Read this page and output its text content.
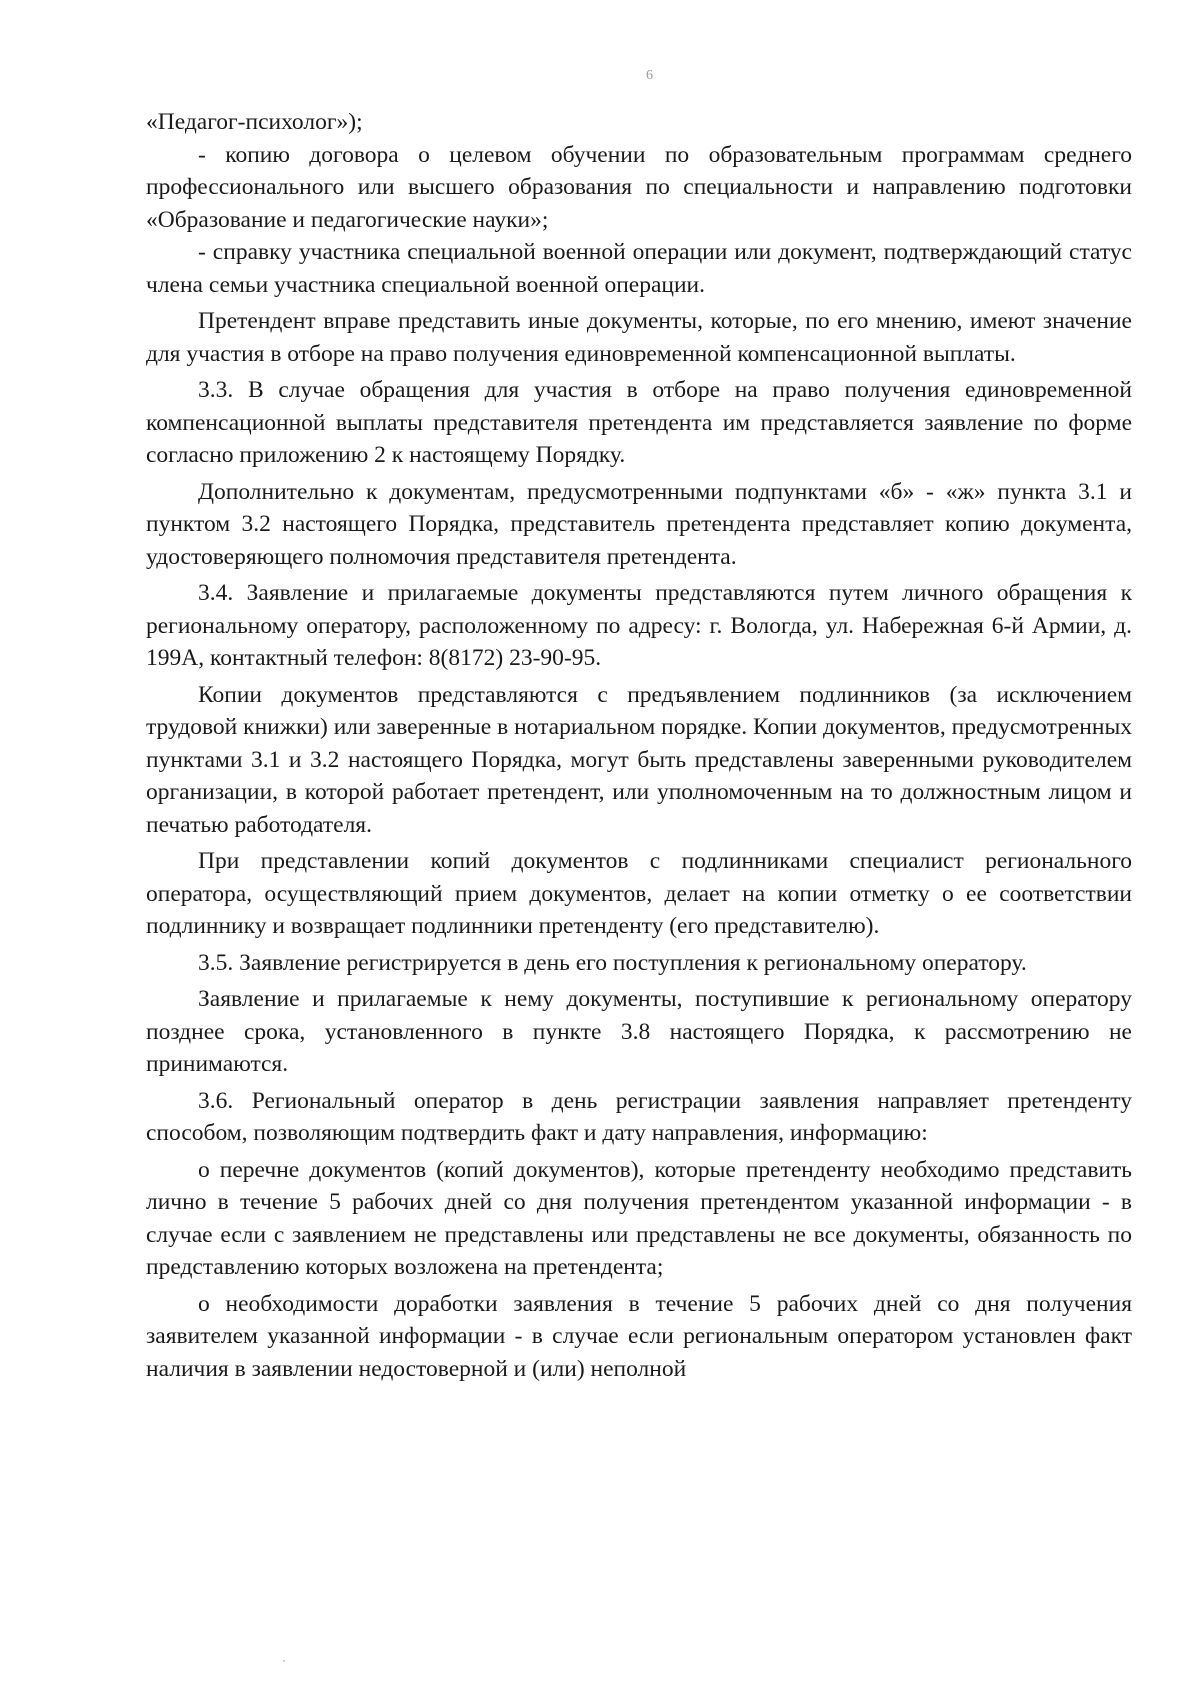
6

«Педагог-психолог»);

- копию договора о целевом обучении по образовательным программам среднего профессионального или высшего образования по специальности и направлению подготовки «Образование и педагогические науки»;

- справку участника специальной военной операции или документ, подтверждающий статус члена семьи участника специальной военной операции.

Претендент вправе представить иные документы, которые, по его мнению, имеют значение для участия в отборе на право получения единовременной компенсационной выплаты.

3.3. В случае обращения для участия в отборе на право получения единовременной компенсационной выплаты представителя претендента им представляется заявление по форме согласно приложению 2 к настоящему Порядку.

Дополнительно к документам, предусмотренными подпунктами «б» - «ж» пункта 3.1 и пунктом 3.2 настоящего Порядка, представитель претендента представляет копию документа, удостоверяющего полномочия представителя претендента.

3.4. Заявление и прилагаемые документы представляются путем личного обращения к региональному оператору, расположенному по адресу: г. Вологда, ул. Набережная 6-й Армии, д. 199А, контактный телефон: 8(8172) 23-90-95.

Копии документов представляются с предъявлением подлинников (за исключением трудовой книжки) или заверенные в нотариальном порядке. Копии документов, предусмотренных пунктами 3.1 и 3.2 настоящего Порядка, могут быть представлены заверенными руководителем организации, в которой работает претендент, или уполномоченным на то должностным лицом и печатью работодателя.

При представлении копий документов с подлинниками специалист регионального оператора, осуществляющий прием документов, делает на копии отметку о ее соответствии подлиннику и возвращает подлинники претенденту (его представителю).

3.5. Заявление регистрируется в день его поступления к региональному оператору.

Заявление и прилагаемые к нему документы, поступившие к региональному оператору позднее срока, установленного в пункте 3.8 настоящего Порядка, к рассмотрению не принимаются.

3.6. Региональный оператор в день регистрации заявления направляет претенденту способом, позволяющим подтвердить факт и дату направления, информацию:

о перечне документов (копий документов), которые претенденту необходимо представить лично в течение 5 рабочих дней со дня получения претендентом указанной информации - в случае если с заявлением не представлены или представлены не все документы, обязанность по представлению которых возложена на претендента;

о необходимости доработки заявления в течение 5 рабочих дней со дня получения заявителем указанной информации - в случае если региональным оператором установлен факт наличия в заявлении недостоверной и (или) неполной
